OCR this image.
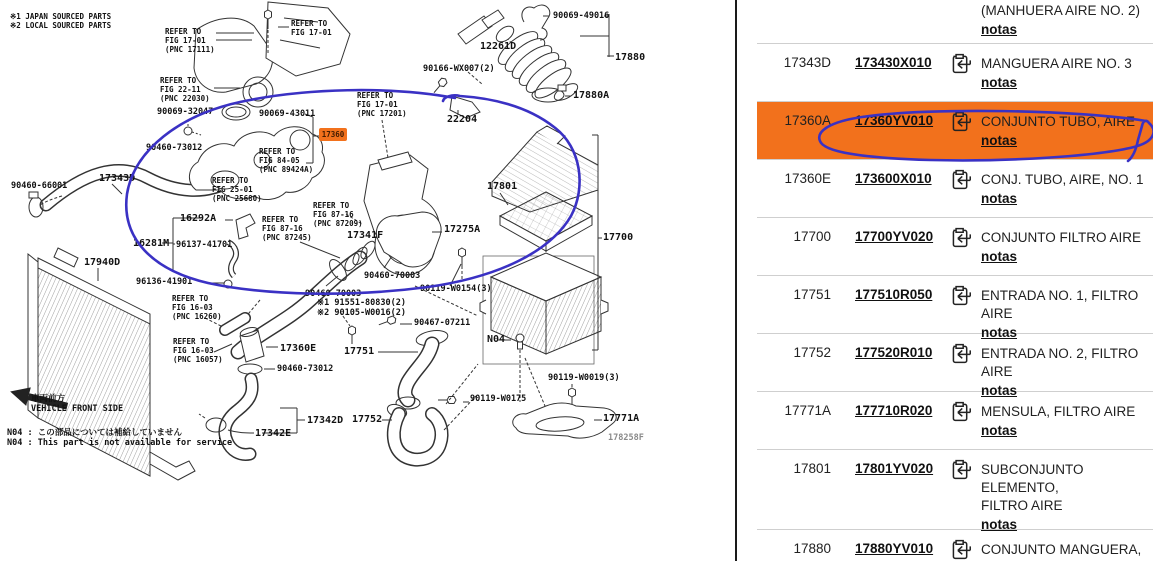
※1 JAPAN SOURCED PARTS
※2 LOCAL SOURCED PARTS
REFER TO
FIG 17-01
(PNC 17111)
REFER TO
FIG 17-01
90069-49016
12261D
17880
REFER TO
FIG 22-11
(PNC 22030)
90166-WX007(2)
17880A
90069-32047	90069-43011
REFER TO
FIG 17-01
(PNC 17201)
22204
90460-73012	REFER TO
FIG 84-05
(PNC 89424A)
17343D
90460-66001
REFER TO
FIG 25-01
(PNC 25680)
16292A
REFER TO
FIG 87-16
(PNC 87209)
REFER TO
FIG 87-16
(PNC 87245)	17341F
17275A
16281M 96137-41701
17700
17801
90460-70003
96136-41901
90460-70003
REFER TO
FIG 16-03
(PNC 16260)
※1 91551-80830(2)
※2 90105-W0016(2)
90119-W0154(3)
90467-07211
REFER TO
FIG 16-03
(PNC 16057)
17360E	17751
90460-73012
17752
17342D
17342E
N04
90119-W0019(3)
90119-W0175
17771A
178258F
17940D
車両前方
VEHICLE FRONT SIDE
N04 : この部品については補給していません
N04 : This part is not available for service
17360
(MANHUERA AIRE NO. 2)
notas
17343D 173430X010	MANGUERA AIRE NO. 3
notas
17360A 17360YV010	CONJUNTO TUBO, AIRE
notas
17360E 173600X010	CONJ. TUBO, AIRE, NO. 1
notas
17700 17700YV020	CONJUNTO FILTRO AIRE
notas
17751 177510R050	ENTRADA NO. 1, FILTRO AIRE
notas
17752 177520R010	ENTRADA NO. 2, FILTRO AIRE
notas
17771A 177710R020	MENSULA, FILTRO AIRE
notas
17801 17801YV020	SUBCONJUNTO ELEMENTO,
FILTRO AIRE
notas
17880 17880YV010	CONJUNTO MANGUERA,
